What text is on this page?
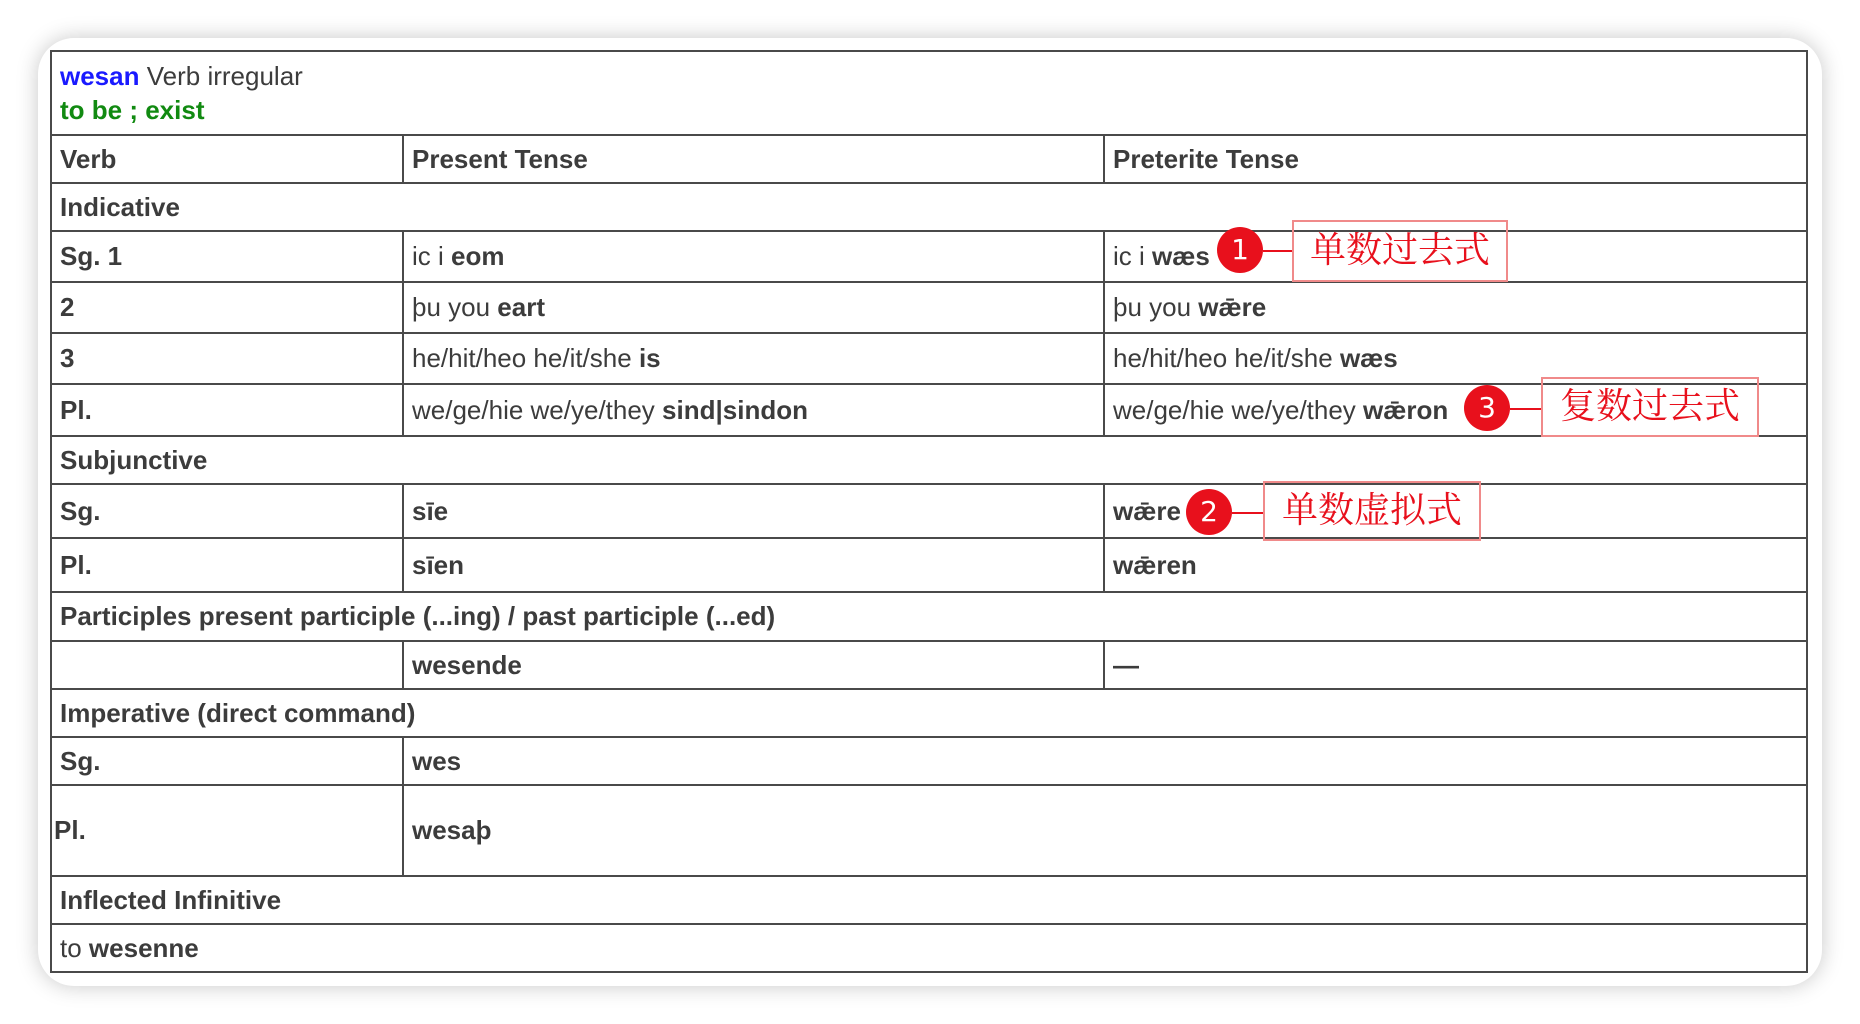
wesan Verb irregular
to be ; exist		

Verb	Present Tense	Preterite Tense
Indicative		
Sg. 1	ic i eom	ic i wæs
2	þu you eart	þu you wǣre
3	he/hit/heo he/it/she is	he/hit/heo he/it/she wæs
Pl.	we/ge/hie we/ye/they sind|sindon	we/ge/hie we/ye/they wǣron
Subjunctive		
Sg.	sīe	wǣre
Pl.	sīen	wǣren
Participles present participle (...ing) / past participle (...ed)		
	wesende	—
Imperative (direct command)		
Sg.	wes	
Pl.	wesaþ	
Inflected Infinitive		
to wesenne		
1	单数过去式
3	复数过去式
2	单数虚拟式
